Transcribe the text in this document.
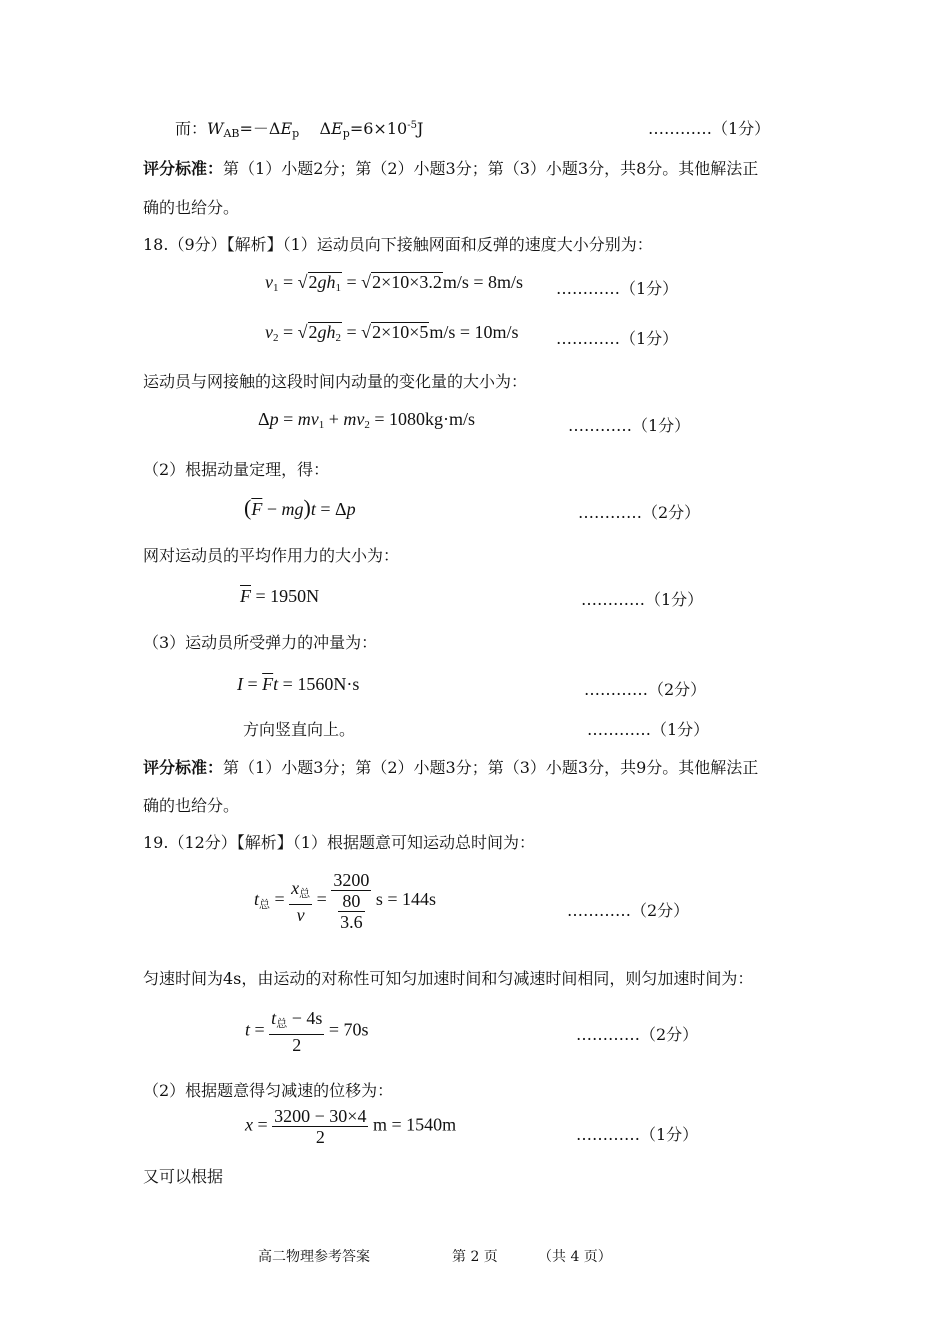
而：$W_{AB}=-\Delta E_p$    $\Delta E_p=6\times 10^{-5}J$	…………（1分）
评分标准：第（1）小题2分；第（2）小题3分；第（3）小题3分，共8分。其他解法正
确的也给分。
18.（9分）【解析】（1）运动员向下接触网面和反弹的速度大小分别为：
$v_1 = √2gh_1 = √2\times 10\times 3.2m/s = 8m/s$ …………（1分）
$v_2 = √2gh_2 = √2\times 10\times 5m/s = 10m/s$ …………（1分）
运动员与网接触的这段时间内动量的变化量的大小为：
$\Delta p = mv_1 + mv_2 = 1080kg\cdot m/s$	…………（1分）
（2）根据动量定理，得：
$(\overline{F} - mg)t = \Delta p$	…………（2分）
网对运动员的平均作用力的大小为：
$\overline{F} = 1950N$	…………（1分）
（3）运动员所受弹力的冲量为：
$I = \overline{F}t = 1560N\cdot s$	…………（2分）
方向竖直向上。	…………（1分）
评分标准：第（1）小题3分；第（2）小题3分；第（3）小题3分，共9分。其他解法正
确的也给分。
19.（12分）【解析】（1）根据题意可知运动总时间为：
$t_总 = \frac{x_总}{v} = \frac{3200}{\frac{80}{3.6}}$ s = 144s
…………（2分）
匀速时间为4s，由运动的对称性可知匀加速时间和匀减速时间相同，则匀加速时间为：
$t = \frac{t_总 - 4s}{2} = 70s$	…………（2分）
（2）根据题意得匀减速的位移为：
$x = \frac{3200 - 30\times 4}{2}$ m = 1540m	…………（1分）
又可以根据
高二物理参考答案	第 2 页	（共 4 页）
